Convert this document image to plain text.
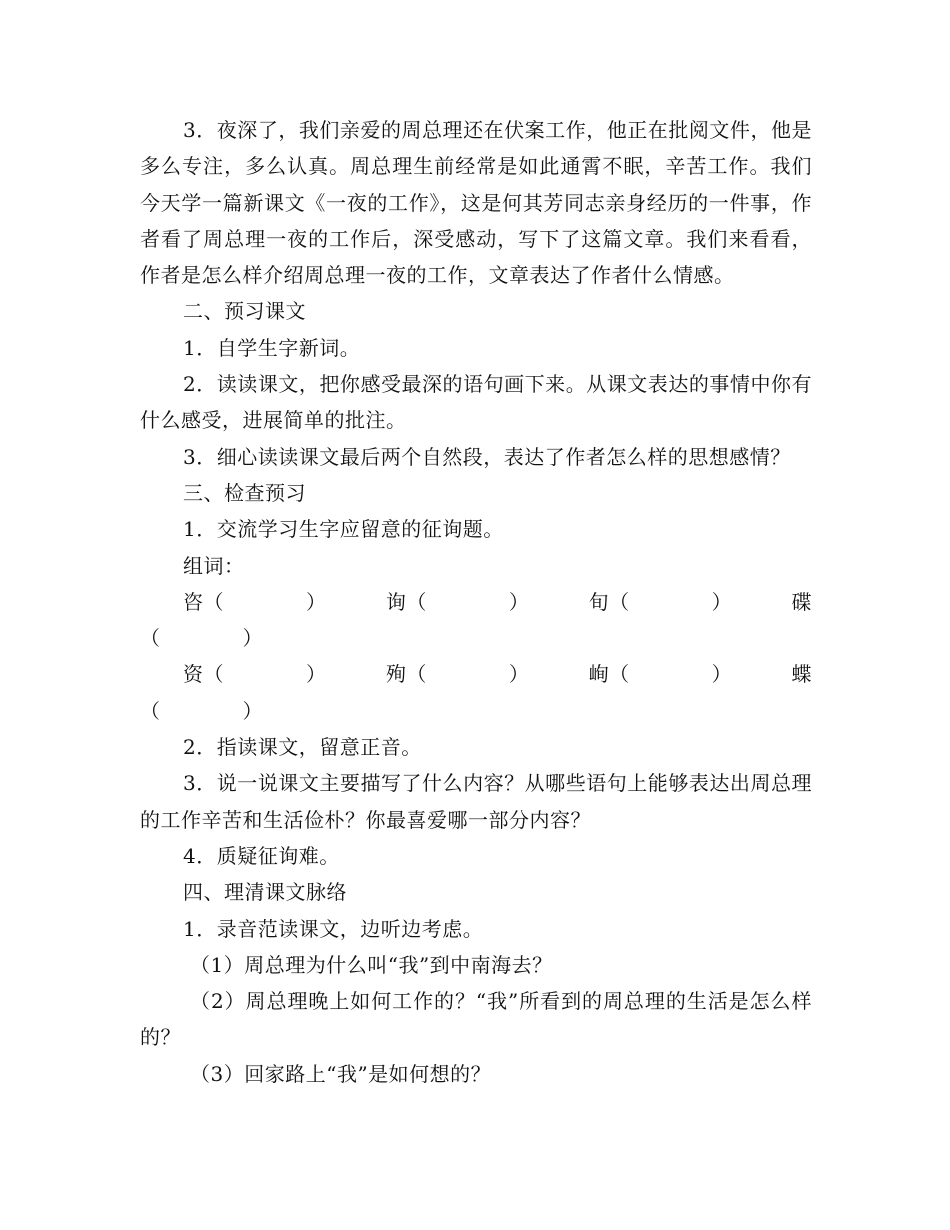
3．夜深了，我们亲爱的周总理还在伏案工作，他正在批阅文件，他是多么专注，多么认真。周总理生前经常是如此通霄不眠，辛苦工作。我们今天学一篇新课文《一夜的工作》，这是何其芳同志亲身经历的一件事，作者看了周总理一夜的工作后，深受感动，写下了这篇文章。我们来看看，作者是怎么样介绍周总理一夜的工作，文章表达了作者什么情感。

二、预习课文

1．自学生字新词。

2．读读课文，把你感受最深的语句画下来。从课文表达的事情中你有什么感受，进展简单的批注。

3．细心读读课文最后两个自然段，表达了作者怎么样的思想感情？

三、检查预习

1．交流学习生字应留意的征询题。

组词：

咨（　　　　）	询（　　　　）	旬（　　　　）	碟

（　　　　）

资（　　　　）	殉（　　　　）	峋（　　　　）	蝶

（　　　　）

2．指读课文，留意正音。

3．说一说课文主要描写了什么内容？从哪些语句上能够表达出周总理的工作辛苦和生活俭朴？你最喜爱哪一部分内容？

4．质疑征询难。

四、理清课文脉络

1．录音范读课文，边听边考虑。

（1）周总理为什么叫“我”到中南海去？

（2）周总理晚上如何工作的？“我”所看到的周总理的生活是怎么样的？

（3）回家路上“我”是如何想的？
